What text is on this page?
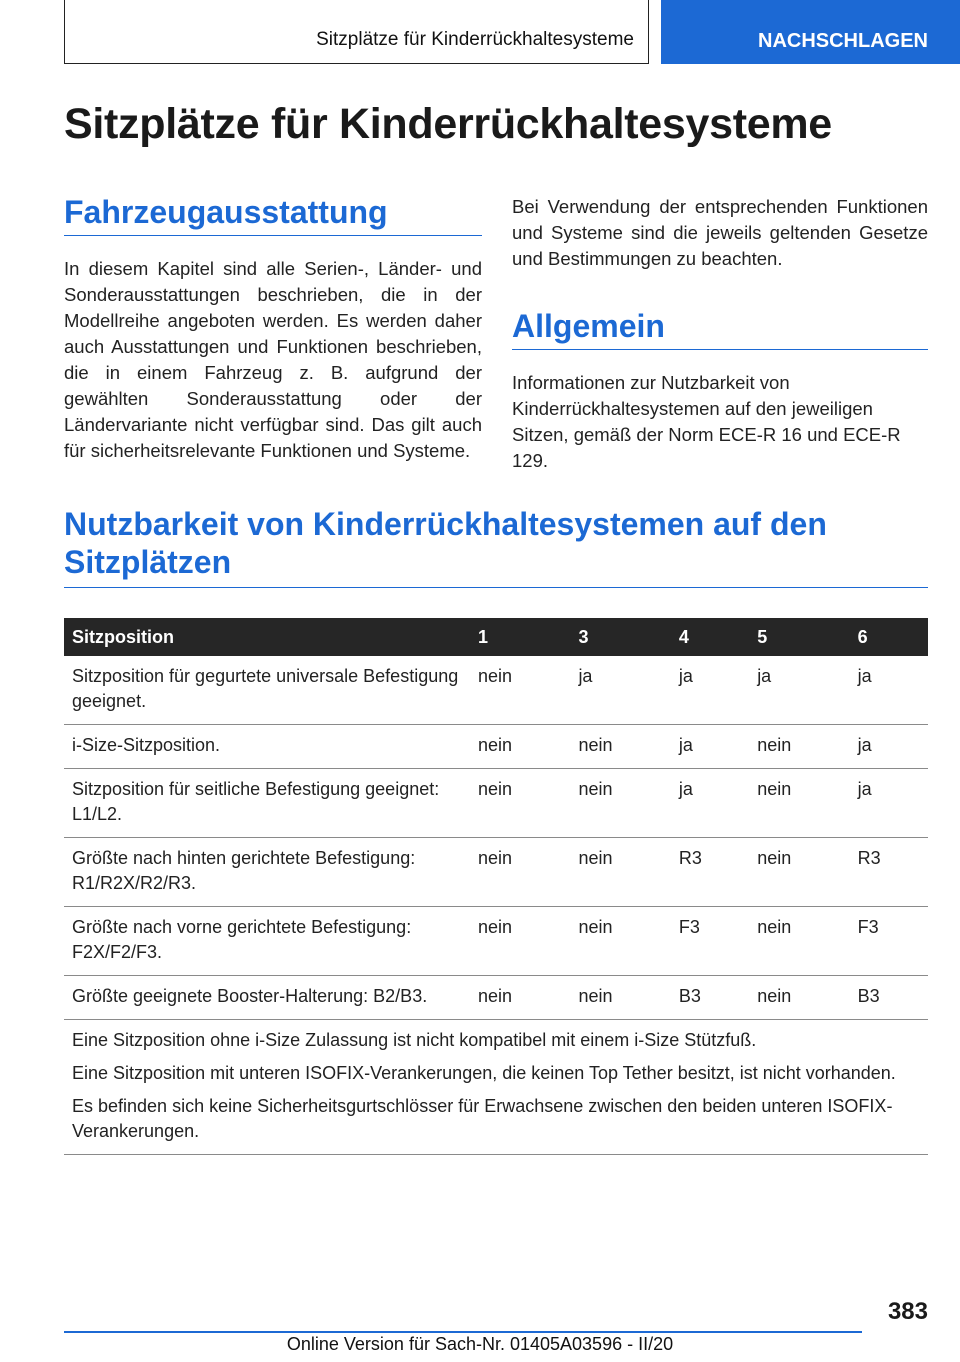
Sitzplätze für Kinderrückhaltesysteme	NACHSCHLAGEN
Sitzplätze für Kinderrückhaltesysteme
Fahrzeugausstattung

In diesem Kapitel sind alle Serien-, Länder- und Sonderausstattungen beschrieben, die in der Modellreihe angeboten werden. Es werden daher auch Ausstattungen und Funktionen beschrieben, die in einem Fahrzeug z. B. aufgrund der gewählten Sonderausstattung oder der Ländervariante nicht verfügbar sind. Das gilt auch für sicherheitsrelevante Funktionen und Systeme.

Bei Verwendung der entsprechenden Funktionen und Systeme sind die jeweils geltenden Gesetze und Bestimmungen zu beachten.

Allgemein

Informationen zur Nutzbarkeit von Kinderrückhaltesystemen auf den jeweiligen Sitzen, gemäß der Norm ECE-R 16 und ECE-R 129.

Nutzbarkeit von Kinderrückhaltesystemen auf den Sitzplätzen
Sitzposition	1	3	4	5	6
Sitzposition für gegurtete universale Befestigung geeignet.	nein	ja	ja	ja	ja
i-Size-Sitzposition.	nein	nein	ja	nein	ja
Sitzposition für seitliche Befestigung geeignet: L1/L2.	nein	nein	ja	nein	ja
Größte nach hinten gerichtete Befestigung: R1/R2X/R2/R3.	nein	nein	R3	nein	R3
Größte nach vorne gerichtete Befestigung: F2X/F2/F3.	nein	nein	F3	nein	F3
Größte geeignete Booster-Halterung: B2/B3.	nein	nein	B3	nein	B3

Eine Sitzposition ohne i-Size Zulassung ist nicht kompatibel mit einem i-Size Stützfuß.

Eine Sitzposition mit unteren ISOFIX-Verankerungen, die keinen Top Tether besitzt, ist nicht vorhanden.

Es befinden sich keine Sicherheitsgurtschlösser für Erwachsene zwischen den beiden unteren ISOFIX-Verankerungen.					

383
Online Version für Sach-Nr. 01405A03596 - II/20
